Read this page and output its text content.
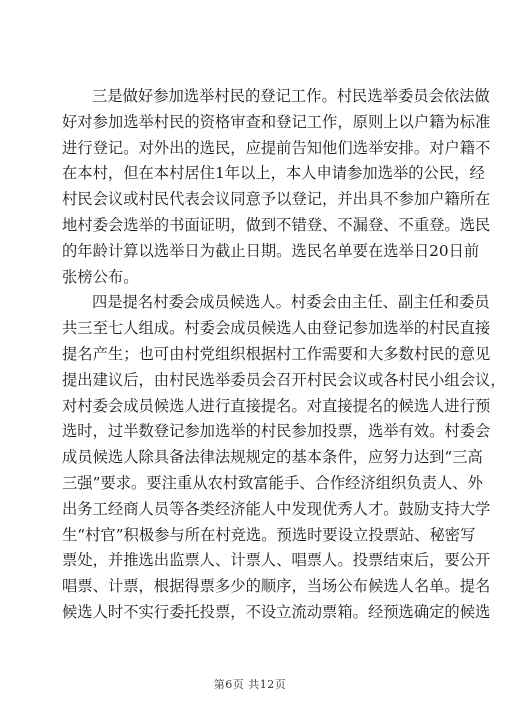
三是做好参加选举村民的登记工作。村民选举委员会依法做
好对参加选举村民的资格审查和登记工作，原则上以户籍为标准
进行登记。对外出的选民，应提前告知他们选举安排。对户籍不
在本村，但在本村居住1年以上，本人申请参加选举的公民，经
村民会议或村民代表会议同意予以登记，并出具不参加户籍所在
地村委会选举的书面证明，做到不错登、不漏登、不重登。选民
的年龄计算以选举日为截止日期。选民名单要在选举日20日前
张榜公布。
四是提名村委会成员候选人。村委会由主任、副主任和委员
共三至七人组成。村委会成员候选人由登记参加选举的村民直接
提名产生；也可由村党组织根据村工作需要和大多数村民的意见
提出建议后，由村民选举委员会召开村民会议或各村民小组会议，
对村委会成员候选人进行直接提名。对直接提名的候选人进行预
选时，过半数登记参加选举的村民参加投票，选举有效。村委会
成员候选人除具备法律法规规定的基本条件，应努力达到“三高
三强”要求。要注重从农村致富能手、合作经济组织负责人、外
出务工经商人员等各类经济能人中发现优秀人才。鼓励支持大学
生“村官”积极参与所在村竞选。预选时要设立投票站、秘密写
票处，并推选出监票人、计票人、唱票人。投票结束后，要公开
唱票、计票，根据得票多少的顺序，当场公布候选人名单。提名
候选人时不实行委托投票，不设立流动票箱。经预选确定的候选
第6页 共12页
